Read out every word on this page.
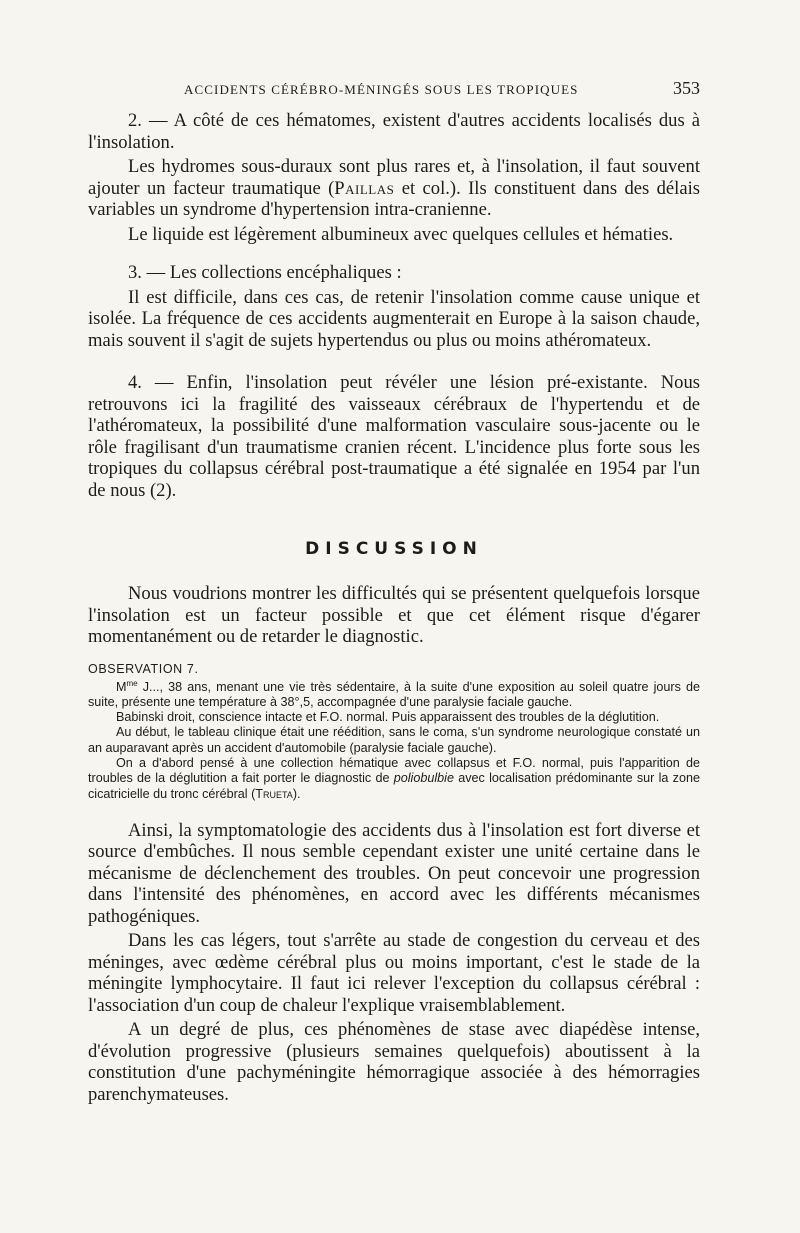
ACCIDENTS CÉRÉBRO-MÉNINGÉS SOUS LES TROPIQUES	353

2. — A côté de ces hématomes, existent d'autres accidents localisés dus à l'insolation.

Les hydromes sous-duraux sont plus rares et, à l'insolation, il faut souvent ajouter un facteur traumatique (Paillas et col.). Ils constituent dans des délais variables un syndrome d'hypertension intra-cranienne.

Le liquide est légèrement albumineux avec quelques cellules et hématies.

3. — Les collections encéphaliques :

Il est difficile, dans ces cas, de retenir l'insolation comme cause unique et isolée. La fréquence de ces accidents augmenterait en Europe à la saison chaude, mais souvent il s'agit de sujets hypertendus ou plus ou moins athéromateux.

4. — Enfin, l'insolation peut révéler une lésion pré-existante. Nous retrouvons ici la fragilité des vaisseaux cérébraux de l'hypertendu et de l'athéromateux, la possibilité d'une malformation vasculaire sous-jacente ou le rôle fragilisant d'un traumatisme cranien récent. L'incidence plus forte sous les tropiques du collapsus cérébral post-traumatique a été signalée en 1954 par l'un de nous (2).

DISCUSSION

Nous voudrions montrer les difficultés qui se présentent quelquefois lorsque l'insolation est un facteur possible et que cet élément risque d'égarer momentanément ou de retarder le diagnostic.

OBSERVATION 7.

$M^{me}$ J..., 38 ans, menant une vie très sédentaire, à la suite d'une exposition au soleil quatre jours de suite, présente une température à 38°,5, accompagnée d'une paralysie faciale gauche.

Babinski droit, conscience intacte et F.O. normal. Puis apparaissent des troubles de la déglutition.

Au début, le tableau clinique était une réédition, sans le coma, s'un syndrome neurologique constaté un an auparavant après un accident d'automobile (paralysie faciale gauche).

On a d'abord pensé à une collection hématique avec collapsus et F.O. normal, puis l'apparition de troubles de la déglutition a fait porter le diagnostic de poliobulbie avec localisation prédominante sur la zone cicatricielle du tronc cérébral (Trueta).

Ainsi, la symptomatologie des accidents dus à l'insolation est fort diverse et source d'embûches. Il nous semble cependant exister une unité certaine dans le mécanisme de déclenchement des troubles. On peut concevoir une progression dans l'intensité des phénomènes, en accord avec les différents mécanismes pathogéniques.

Dans les cas légers, tout s'arrête au stade de congestion du cerveau et des méninges, avec œdème cérébral plus ou moins important, c'est le stade de la méningite lymphocytaire. Il faut ici relever l'exception du collapsus cérébral : l'association d'un coup de chaleur l'explique vraisemblablement.

A un degré de plus, ces phénomènes de stase avec diapédèse intense, d'évolution progressive (plusieurs semaines quelquefois) aboutissent à la constitution d'une pachyméningite hémorragique associée à des hémorragies parenchymateuses.
